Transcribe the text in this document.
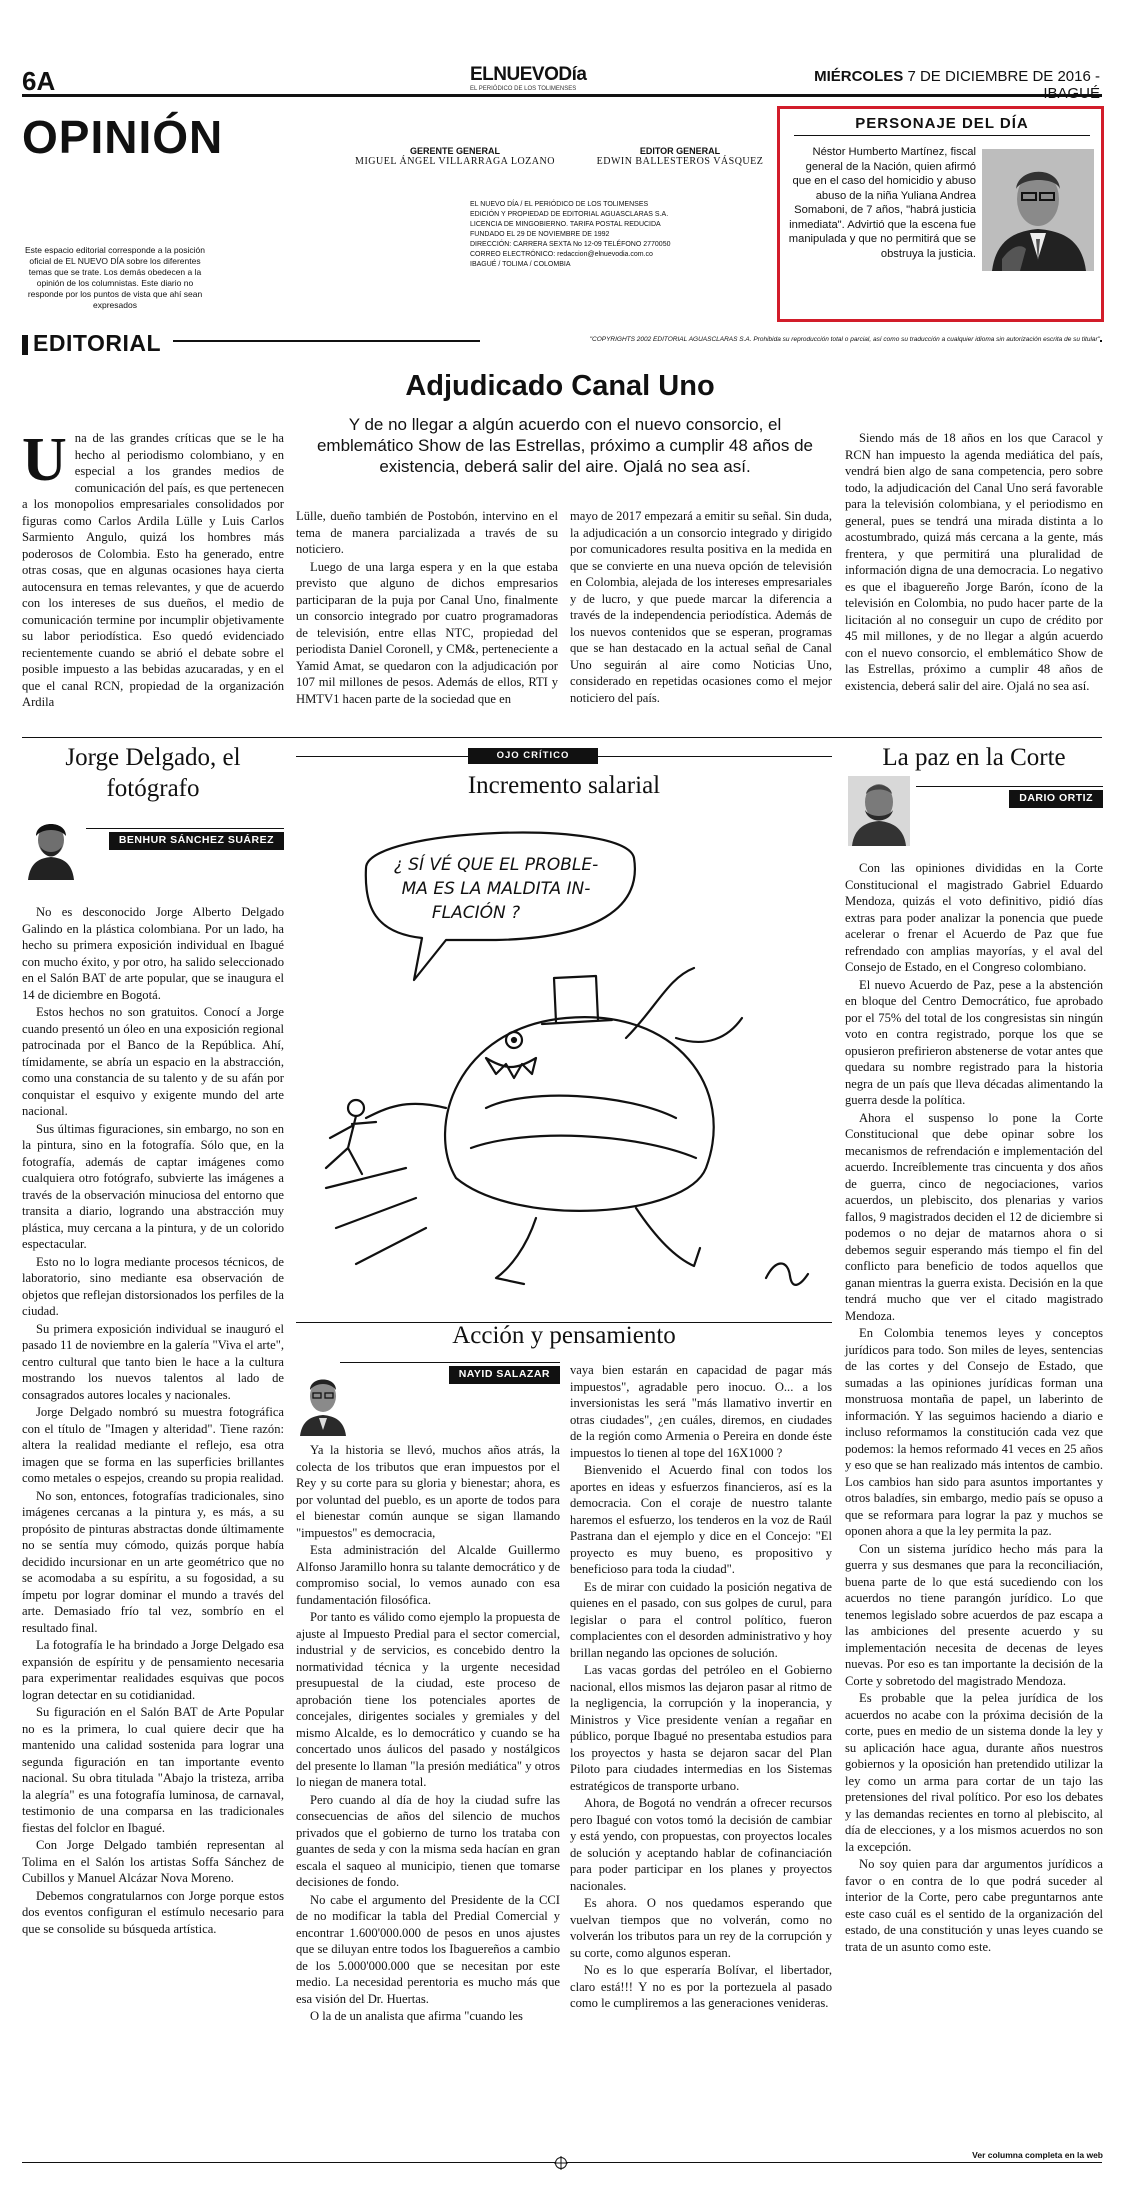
6A	ELNUEVODía
EL PERIÓDICO DE LOS TOLIMENSES
MIÉRCOLES 7 DE DICIEMBRE DE 2016 - IBAGUÉ
OPINIÓN	GERENTE GENERAL
MIGUEL ÁNGEL VILLARRAGA LOZANO
EDITOR GENERAL
EDWIN BALLESTEROS VÁSQUEZ
EL NUEVO DÍA / EL PERIÓDICO DE LOS TOLIMENSES
EDICIÓN Y PROPIEDAD DE EDITORIAL AGUASCLARAS S.A.
LICENCIA DE MINGOBIERNO. TARIFA POSTAL REDUCIDA
FUNDADO EL 29 DE NOVIEMBRE DE 1992
DIRECCIÓN: CARRERA SEXTA No 12-09 TELÉFONO 2770050
CORREO ELECTRÓNICO: redaccion@elnuevodia.com.co
IBAGUÉ / TOLIMA / COLOMBIA
Este espacio editorial corresponde a la posición oficial de EL NUEVO DÍA sobre los diferentes temas que se trate. Los demás obedecen a la opinión de los columnistas. Este diario no responde por los puntos de vista que ahí sean expresados
PERSONAJE DEL DÍA
Néstor Humberto Martínez, fiscal general de la Nación, quien afirmó que en el caso del homicidio y abuso abuso de la niña Yuliana Andrea Somaboni, de 7 años, "habrá justicia inmediata". Advirtió que la escena fue manipulada y que no permitirá que se obstruya la justicia.
EDITORIAL	"COPYRIGHTS 2002 EDITORIAL AGUASCLARAS S.A. Prohibida su reproducción total o parcial, así como su traducción a cualquier idioma sin autorización escrita de su titular"
Adjudicado Canal Uno
Y de no llegar a algún acuerdo con el nuevo consorcio, el emblemático Show de las Estrellas, próximo a cumplir 48 años de existencia, deberá salir del aire. Ojalá no sea así.
U na de las grandes críticas que se le ha hecho al periodismo colombiano, y en especial a los grandes medios de comunicación del país, es que pertenecen a los monopolios empresariales consolidados por figuras como Carlos Ardila Lülle y Luis Carlos Sarmiento Angulo, quizá los hombres más poderosos de Colombia. Esto ha generado, entre otras cosas, que en algunas ocasiones haya cierta autocensura en temas relevantes, y que de acuerdo con los intereses de sus dueños, el medio de comunicación termine por incumplir objetivamente su labor periodística. Eso quedó evidenciado recientemente cuando se abrió el debate sobre el posible impuesto a las bebidas azucaradas, y en el que el canal RCN, propiedad de la organización Ardila

Lülle, dueño también de Postobón, intervino en el tema de manera parcializada a través de su noticiero.

Luego de una larga espera y en la que estaba previsto que alguno de dichos empresarios participaran de la puja por Canal Uno, finalmente un consorcio integrado por cuatro programadoras de televisión, entre ellas NTC, propiedad del periodista Daniel Coronell, y CM&, perteneciente a Yamid Amat, se quedaron con la adjudicación por 107 mil millones de pesos. Además de ellos, RTI y HMTV1 hacen parte de la sociedad que en

mayo de 2017 empezará a emitir su señal. Sin duda, la adjudicación a un consorcio integrado y dirigido por comunicadores resulta positiva en la medida en que se convierte en una nueva opción de televisión en Colombia, alejada de los intereses empresariales y de lucro, y que puede marcar la diferencia a través de la independencia periodística. Además de los nuevos contenidos que se esperan, programas que se han destacado en la actual señal de Canal Uno seguirán al aire como Noticias Uno, considerado en repetidas ocasiones como el mejor noticiero del país.

Siendo más de 18 años en los que Caracol y RCN han impuesto la agenda mediática del país, vendrá bien algo de sana competencia, pero sobre todo, la adjudicación del Canal Uno será favorable para la televisión colombiana, y el periodismo en general, pues se tendrá una mirada distinta a lo acostumbrado, quizá más cercana a la gente, más frentera, y que permitirá una pluralidad de información digna de una democracia. Lo negativo es que el ibaguereño Jorge Barón, ícono de la televisión en Colombia, no pudo hacer parte de la licitación al no conseguir un cupo de crédito por 45 mil millones, y de no llegar a algún acuerdo con el nuevo consorcio, el emblemático Show de las Estrellas, próximo a cumplir 48 años de existencia, deberá salir del aire. Ojalá no sea así.

Jorge Delgado, el fotógrafo
BENHUR SÁNCHEZ SUÁREZ

No es desconocido Jorge Alberto Delgado Galindo en la plástica colombiana. Por un lado, ha hecho su primera exposición individual en Ibagué con mucho éxito, y por otro, ha salido seleccionado en el Salón BAT de arte popular, que se inaugura el 14 de diciembre en Bogotá.

Estos hechos no son gratuitos. Conocí a Jorge cuando presentó un óleo en una exposición regional patrocinada por el Banco de la República. Ahí, tímidamente, se abría un espacio en la abstracción, como una constancia de su talento y de su afán por conquistar el esquivo y exigente mundo del arte nacional.

Sus últimas figuraciones, sin embargo, no son en la pintura, sino en la fotografía. Sólo que, en la fotografía, además de captar imágenes como cualquiera otro fotógrafo, subvierte las imágenes a través de la observación minuciosa del entorno que transita a diario, logrando una abstracción muy plástica, muy cercana a la pintura, y de un colorido espectacular.

Esto no lo logra mediante procesos técnicos, de laboratorio, sino mediante esa observación de objetos que reflejan distorsionados los perfiles de la ciudad.

Su primera exposición individual se inauguró el pasado 11 de noviembre en la galería "Viva el arte", centro cultural que tanto bien le hace a la cultura mostrando los nuevos talentos al lado de consagrados autores locales y nacionales.

Jorge Delgado nombró su muestra fotográfica con el título de "Imagen y alteridad". Tiene razón: altera la realidad mediante el reflejo, esa otra imagen que se forma en las superficies brillantes como metales o espejos, creando su propia realidad.

No son, entonces, fotografías tradicionales, sino imágenes cercanas a la pintura y, es más, a su propósito de pinturas abstractas donde últimamente no se sentía muy cómodo, quizás porque había decidido incursionar en un arte geométrico que no se acomodaba a su espíritu, a su fogosidad, a su ímpetu por lograr dominar el mundo a través del arte. Demasiado frío tal vez, sombrío en el resultado final.

La fotografía le ha brindado a Jorge Delgado esa expansión de espíritu y de pensamiento necesaria para experimentar realidades esquivas que pocos logran detectar en su cotidianidad.

Su figuración en el Salón BAT de Arte Popular no es la primera, lo cual quiere decir que ha mantenido una calidad sostenida para lograr una segunda figuración en tan importante evento nacional. Su obra titulada "Abajo la tristeza, arriba la alegría" es una fotografía luminosa, de carnaval, testimonio de una comparsa en las tradicionales fiestas del folclor en Ibagué.

Con Jorge Delgado también representan al Tolima en el Salón los artistas Soffa Sánchez de Cubillos y Manuel Alcázar Nova Moreno.

Debemos congratularnos con Jorge porque estos dos eventos configuran el estímulo necesario para que se consolide su búsqueda artística.

La paz en la Corte
DARIO ORTIZ

Con las opiniones divididas en la Corte Constitucional el magistrado Gabriel Eduardo Mendoza, quizás el voto definitivo, pidió días extras para poder analizar la ponencia que puede acelerar o frenar el Acuerdo de Paz que fue refrendado con amplias mayorías, y el aval del Consejo de Estado, en el Congreso colombiano.

El nuevo Acuerdo de Paz, pese a la abstención en bloque del Centro Democrático, fue aprobado por el 75% del total de los congresistas sin ningún voto en contra registrado, porque los que se opusieron prefirieron abstenerse de votar antes que quedara su nombre registrado para la historia negra de un país que lleva décadas alimentando la guerra desde la política.

Ahora el suspenso lo pone la Corte Constitucional que debe opinar sobre los mecanismos de refrendación e implementación del acuerdo. Increíblemente tras cincuenta y dos años de guerra, cinco de negociaciones, varios acuerdos, un plebiscito, dos plenarias y varios fallos, 9 magistrados deciden el 12 de diciembre si podemos o no dejar de matarnos ahora o si debemos seguir esperando más tiempo el fin del conflicto para beneficio de todos aquellos que ganan mientras la guerra exista. Decisión en la que tendrá mucho que ver el citado magistrado Mendoza.

En Colombia tenemos leyes y conceptos jurídicos para todo. Son miles de leyes, sentencias de las cortes y del Consejo de Estado, que sumadas a las opiniones jurídicas forman una monstruosa montaña de papel, un laberinto de información. Y las seguimos haciendo a diario e incluso reformamos la constitución cada vez que podemos: la hemos reformado 41 veces en 25 años y eso que se han realizado más intentos de cambio. Los cambios han sido para asuntos importantes y otros baladíes, sin embargo, medio país se opuso a que se reformara para lograr la paz y muchos se oponen ahora a que la ley permita la paz.

Con un sistema jurídico hecho más para la guerra y sus desmanes que para la reconciliación, buena parte de lo que está sucediendo con los acuerdos no tiene parangón jurídico. Lo que tenemos legislado sobre acuerdos de paz escapa a las ambiciones del presente acuerdo y su implementación necesita de decenas de leyes nuevas. Por eso es tan importante la decisión de la Corte y sobretodo del magistrado Mendoza.

Es probable que la pelea jurídica de los acuerdos no acabe con la próxima decisión de la corte, pues en medio de un sistema donde la ley y su aplicación hace agua, durante años nuestros gobiernos y la oposición han pretendido utilizar la ley como un arma para cortar de un tajo las pretensiones del rival político. Por eso los debates y las demandas recientes en torno al plebiscito, al día de elecciones, y a los mismos acuerdos no son la excepción.

No soy quien para dar argumentos jurídicos a favor o en contra de lo que podrá suceder al interior de la Corte, pero cabe preguntarnos ante este caso cuál es el sentido de la organización del estado, de una constitución y unas leyes cuando se trata de un asunto como este.

Ver columna completa en la web
OJO CRÍTICO
Incremento salarial
¿ SÍ VÉ QUE EL PROBLE-
MA ES LA MALDITA IN-
FLACIÓN ?
Acción y pensamiento
NAYID SALAZAR

Ya la historia se llevó, muchos años atrás, la colecta de los tributos que eran impuestos por el Rey y su corte para su gloria y bienestar; ahora, es por voluntad del pueblo, es un aporte de todos para el bienestar común aunque se sigan llamando "impuestos" es democracia,

Esta administración del Alcalde Guillermo Alfonso Jaramillo honra su talante democrático y de compromiso social, lo vemos aunado con esa fundamentación filosófica.

Por tanto es válido como ejemplo la propuesta de ajuste al Impuesto Predial para el sector comercial, industrial y de servicios, es concebido dentro la normatividad técnica y la urgente necesidad presupuestal de la ciudad, este proceso de aprobación tiene los potenciales aportes de concejales, dirigentes sociales y gremiales y del mismo Alcalde, es lo democrático y cuando se ha concertado unos áulicos del pasado y nostálgicos del presente lo llaman "la presión mediática" y otros lo niegan de manera total.

Pero cuando al día de hoy la ciudad sufre las consecuencias de años del silencio de muchos privados que el gobierno de turno los trataba con guantes de seda y con la misma seda hacían en gran escala el saqueo al municipio, tienen que tomarse decisiones de fondo.

No cabe el argumento del Presidente de la CCI de no modificar la tabla del Predial Comercial y encontrar 1.600'000.000 de pesos en unos ajustes que se diluyan entre todos los Ibaguereños a cambio de los 5.000'000.000 que se necesitan por este medio. La necesidad perentoria es mucho más que esa visión del Dr. Huertas.

O la de un analista que afirma "cuando les

vaya bien estarán en capacidad de pagar más impuestos", agradable pero inocuo. O... a los inversionistas les será "más llamativo invertir en otras ciudades", ¿en cuáles, diremos, en ciudades de la región como Armenia o Pereira en donde éste impuestos lo tienen al tope del 16X1000 ?

Bienvenido el Acuerdo final con todos los aportes en ideas y esfuerzos financieros, así es la democracia. Con el coraje de nuestro talante haremos el esfuerzo, los tenderos en la voz de Raúl Pastrana dan el ejemplo y dice en el Concejo: "El proyecto es muy bueno, es propositivo y beneficioso para toda la ciudad".

Es de mirar con cuidado la posición negativa de quienes en el pasado, con sus golpes de curul, para legislar o para el control político, fueron complacientes con el desorden administrativo y hoy brillan negando las opciones de solución.

Las vacas gordas del petróleo en el Gobierno nacional, ellos mismos las dejaron pasar al ritmo de la negligencia, la corrupción y la inoperancia, y Ministros y Vice presidente venían a regañar en público, porque Ibagué no presentaba estudios para los proyectos y hasta se dejaron sacar del Plan Piloto para ciudades intermedias en los Sistemas estratégicos de transporte urbano.

Ahora, de Bogotá no vendrán a ofrecer recursos pero Ibagué con votos tomó la decisión de cambiar y está yendo, con propuestas, con proyectos locales de solución y aceptando hablar de cofinanciación para poder participar en los planes y proyectos nacionales.

Es ahora. O nos quedamos esperando que vuelvan tiempos que no volverán, como no volverán los tributos para un rey de la corrupción y su corte, como algunos esperan.

No es lo que esperaría Bolívar, el libertador, claro está!!! Y no es por la portezuela al pasado como le cumpliremos a las generaciones venideras.
